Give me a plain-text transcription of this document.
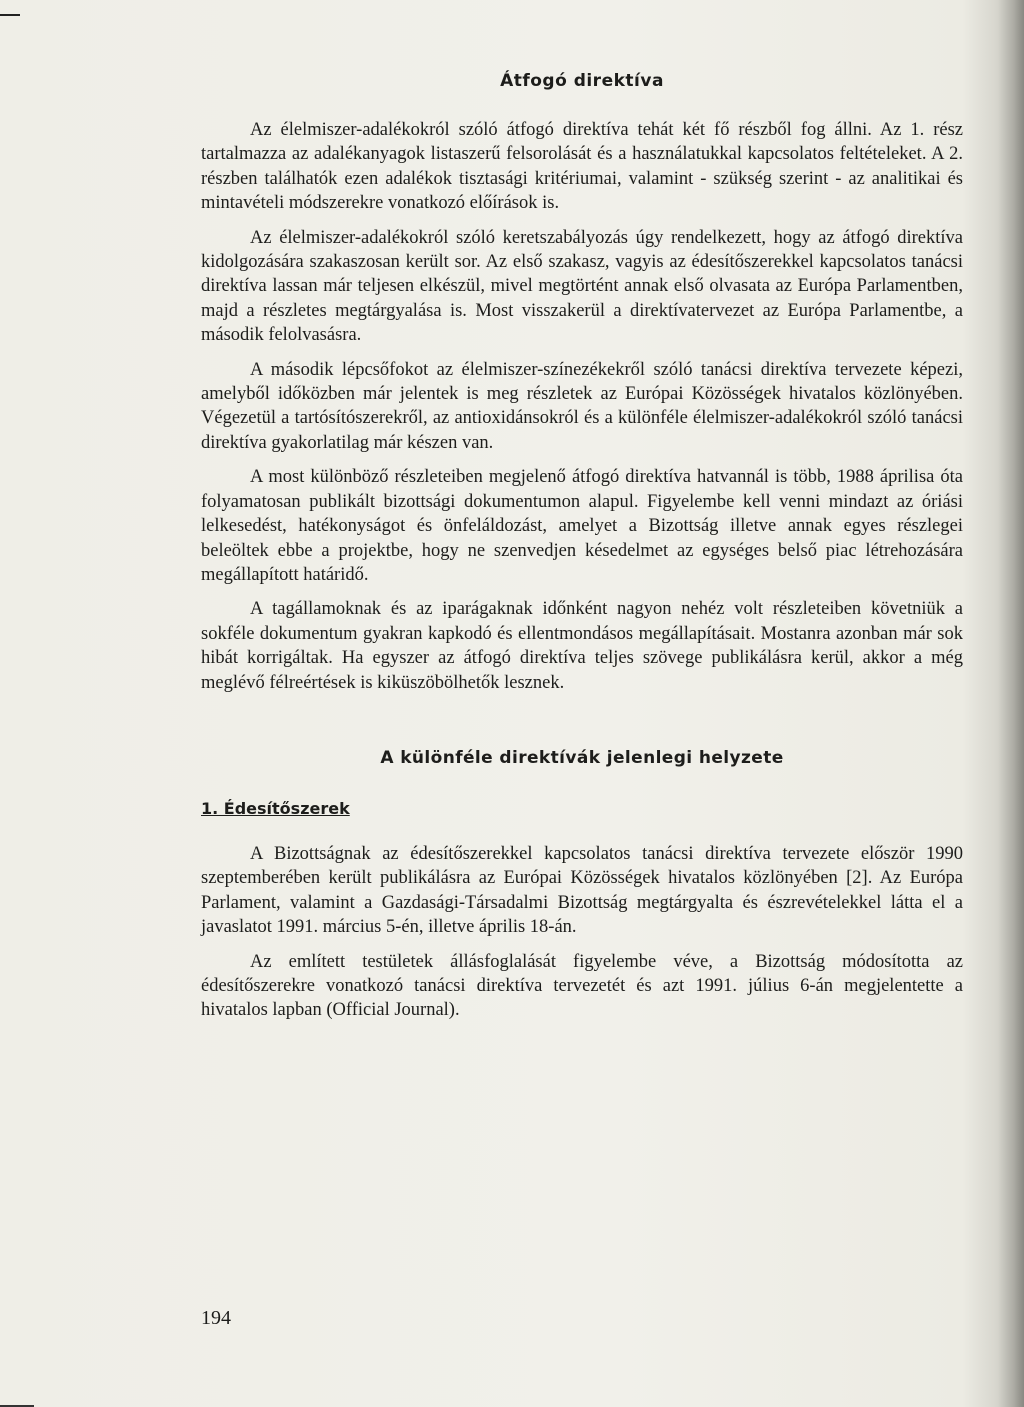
Átfogó direktíva

Az élelmiszer-adalékokról szóló átfogó direktíva tehát két fő részből fog állni. Az 1. rész tartalmazza az adalékanyagok listaszerű felsorolását és a használatukkal kapcsolatos feltételeket. A 2. részben találhatók ezen adalékok tisztasági kritériumai, valamint - szükség szerint - az analitikai és mintavételi módszerekre vonatkozó előírások is.

Az élelmiszer-adalékokról szóló keretszabályozás úgy rendelkezett, hogy az átfogó direktíva kidolgozására szakaszosan került sor. Az első szakasz, vagyis az édesítőszerekkel kapcsolatos tanácsi direktíva lassan már teljesen elkészül, mivel megtörtént annak első olvasata az Európa Parlamentben, majd a részletes megtárgyalása is. Most visszakerül a direktívatervezet az Európa Parlamentbe, a második felolvasásra.

A második lépcsőfokot az élelmiszer-színezékekről szóló tanácsi direktíva tervezete képezi, amelyből időközben már jelentek is meg részletek az Európai Közösségek hivatalos közlönyében. Végezetül a tartósítószerekről, az antioxidánsokról és a különféle élelmiszer-adalékokról szóló tanácsi direktíva gyakorlatilag már készen van.

A most különböző részleteiben megjelenő átfogó direktíva hatvannál is több, 1988 áprilisa óta folyamatosan publikált bizottsági dokumentumon alapul. Figyelembe kell venni mindazt az óriási lelkesedést, hatékonyságot és önfeláldozást, amelyet a Bizottság illetve annak egyes részlegei beleöltek ebbe a projektbe, hogy ne szenvedjen késedelmet az egységes belső piac létrehozására megállapított határidő.

A tagállamoknak és az iparágaknak időnként nagyon nehéz volt részleteiben követniük a sokféle dokumentum gyakran kapkodó és ellentmondásos megállapításait. Mostanra azonban már sok hibát korrigáltak. Ha egyszer az átfogó direktíva teljes szövege publikálásra kerül, akkor a még meglévő félreértések is kiküszöbölhetők lesznek.

A különféle direktívák jelenlegi helyzete
1. Édesítőszerek

A Bizottságnak az édesítőszerekkel kapcsolatos tanácsi direktíva tervezete először 1990 szeptemberében került publikálásra az Európai Közösségek hivatalos közlönyében [2]. Az Európa Parlament, valamint a Gazdasági-Társadalmi Bizottság megtárgyalta és észrevételekkel látta el a javaslatot 1991. március 5-én, illetve április 18-án.

Az említett testületek állásfoglalását figyelembe véve, a Bizottság módosította az édesítőszerekre vonatkozó tanácsi direktíva tervezetét és azt 1991. július 6-án megjelentette a hivatalos lapban (Official Journal).

194
